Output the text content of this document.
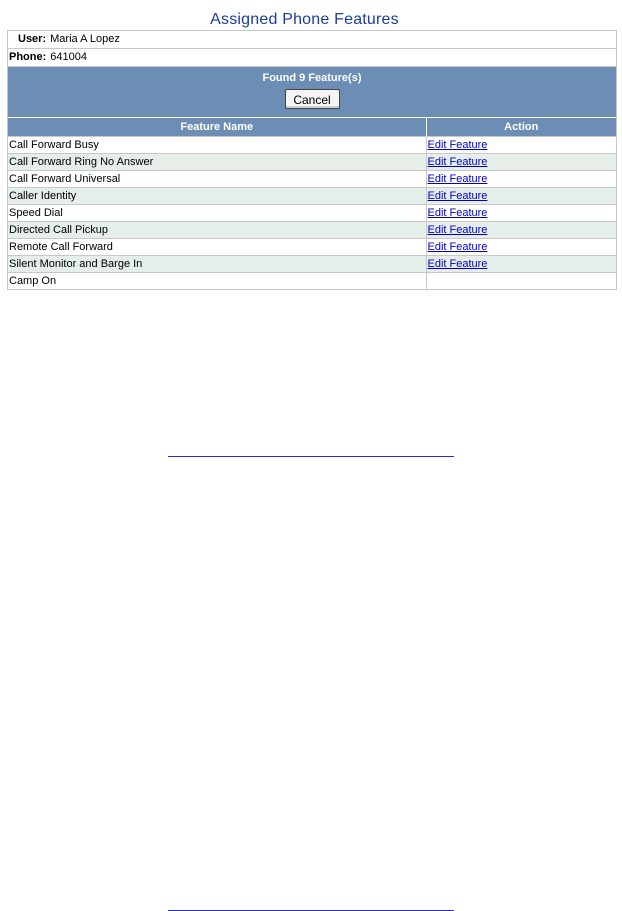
Assigned Phone Features
User: Maria A Lopez
Phone: 641004
Found 9 Feature(s)
Cancel
Feature Name	Action
Call Forward Busy	Edit Feature
Call Forward Ring No Answer	Edit Feature
Call Forward Universal	Edit Feature
Caller Identity	Edit Feature
Speed Dial	Edit Feature
Directed Call Pickup	Edit Feature
Remote Call Forward	Edit Feature
Silent Monitor and Barge In	Edit Feature
Camp On	
